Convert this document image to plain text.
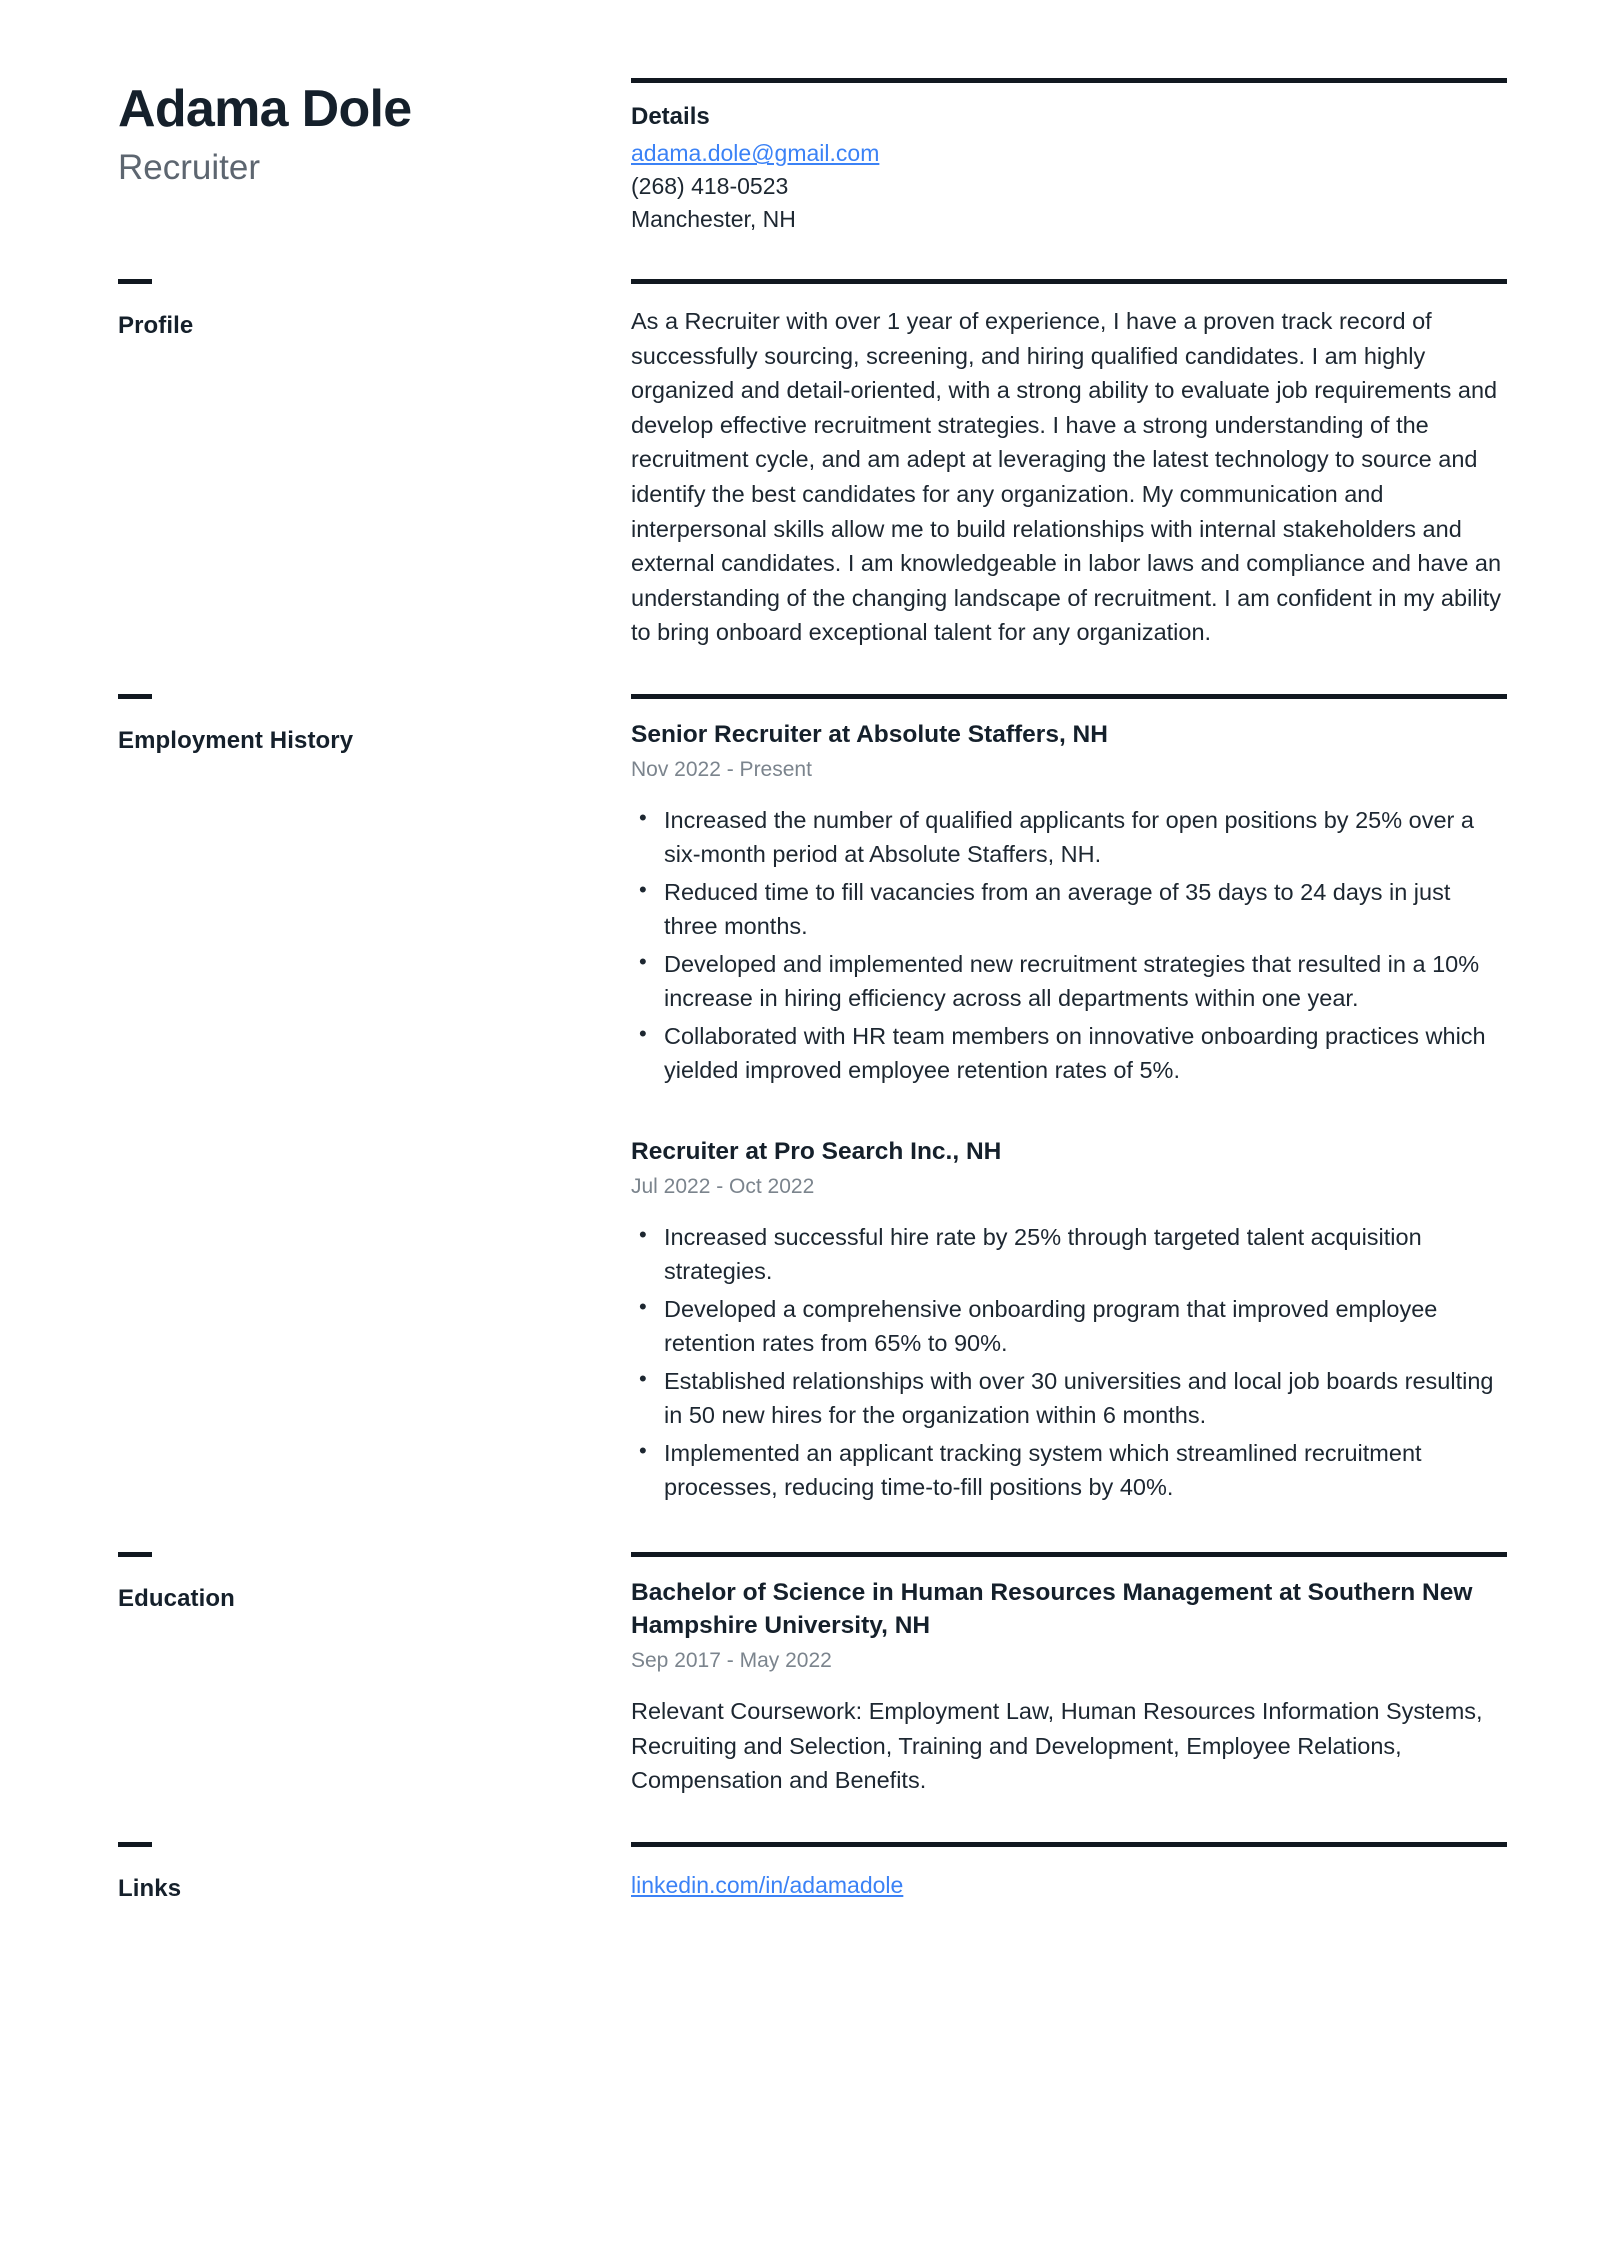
Adama Dole
Recruiter
Details
adama.dole@gmail.com
(268) 418-0523
Manchester, NH
Profile	As a Recruiter with over 1 year of experience, I have a proven track record of successfully sourcing, screening, and hiring qualified candidates. I am highly organized and detail-oriented, with a strong ability to evaluate job requirements and develop effective recruitment strategies. I have a strong understanding of the recruitment cycle, and am adept at leveraging the latest technology to source and identify the best candidates for any organization. My communication and interpersonal skills allow me to build relationships with internal stakeholders and external candidates. I am knowledgeable in labor laws and compliance and have an understanding of the changing landscape of recruitment. I am confident in my ability to bring onboard exceptional talent for any organization.

Employment History	Senior Recruiter at Absolute Staffers, NH
Nov 2022 - Present
• Increased the number of qualified applicants for open positions by 25% over a six-month period at Absolute Staffers, NH.
• Reduced time to fill vacancies from an average of 35 days to 24 days in just three months.
• Developed and implemented new recruitment strategies that resulted in a 10% increase in hiring efficiency across all departments within one year.
• Collaborated with HR team members on innovative onboarding practices which yielded improved employee retention rates of 5%.
Recruiter at Pro Search Inc., NH
Jul 2022 - Oct 2022
• Increased successful hire rate by 25% through targeted talent acquisition strategies.
• Developed a comprehensive onboarding program that improved employee retention rates from 65% to 90%.
• Established relationships with over 30 universities and local job boards resulting in 50 new hires for the organization within 6 months.
• Implemented an applicant tracking system which streamlined recruitment processes, reducing time-to-fill positions by 40%.
Education	Bachelor of Science in Human Resources Management at Southern New Hampshire University, NH
Sep 2017 - May 2022

Relevant Coursework: Employment Law, Human Resources Information Systems, Recruiting and Selection, Training and Development, Employee Relations, Compensation and Benefits.

Links	linkedin.com/in/adamadole
